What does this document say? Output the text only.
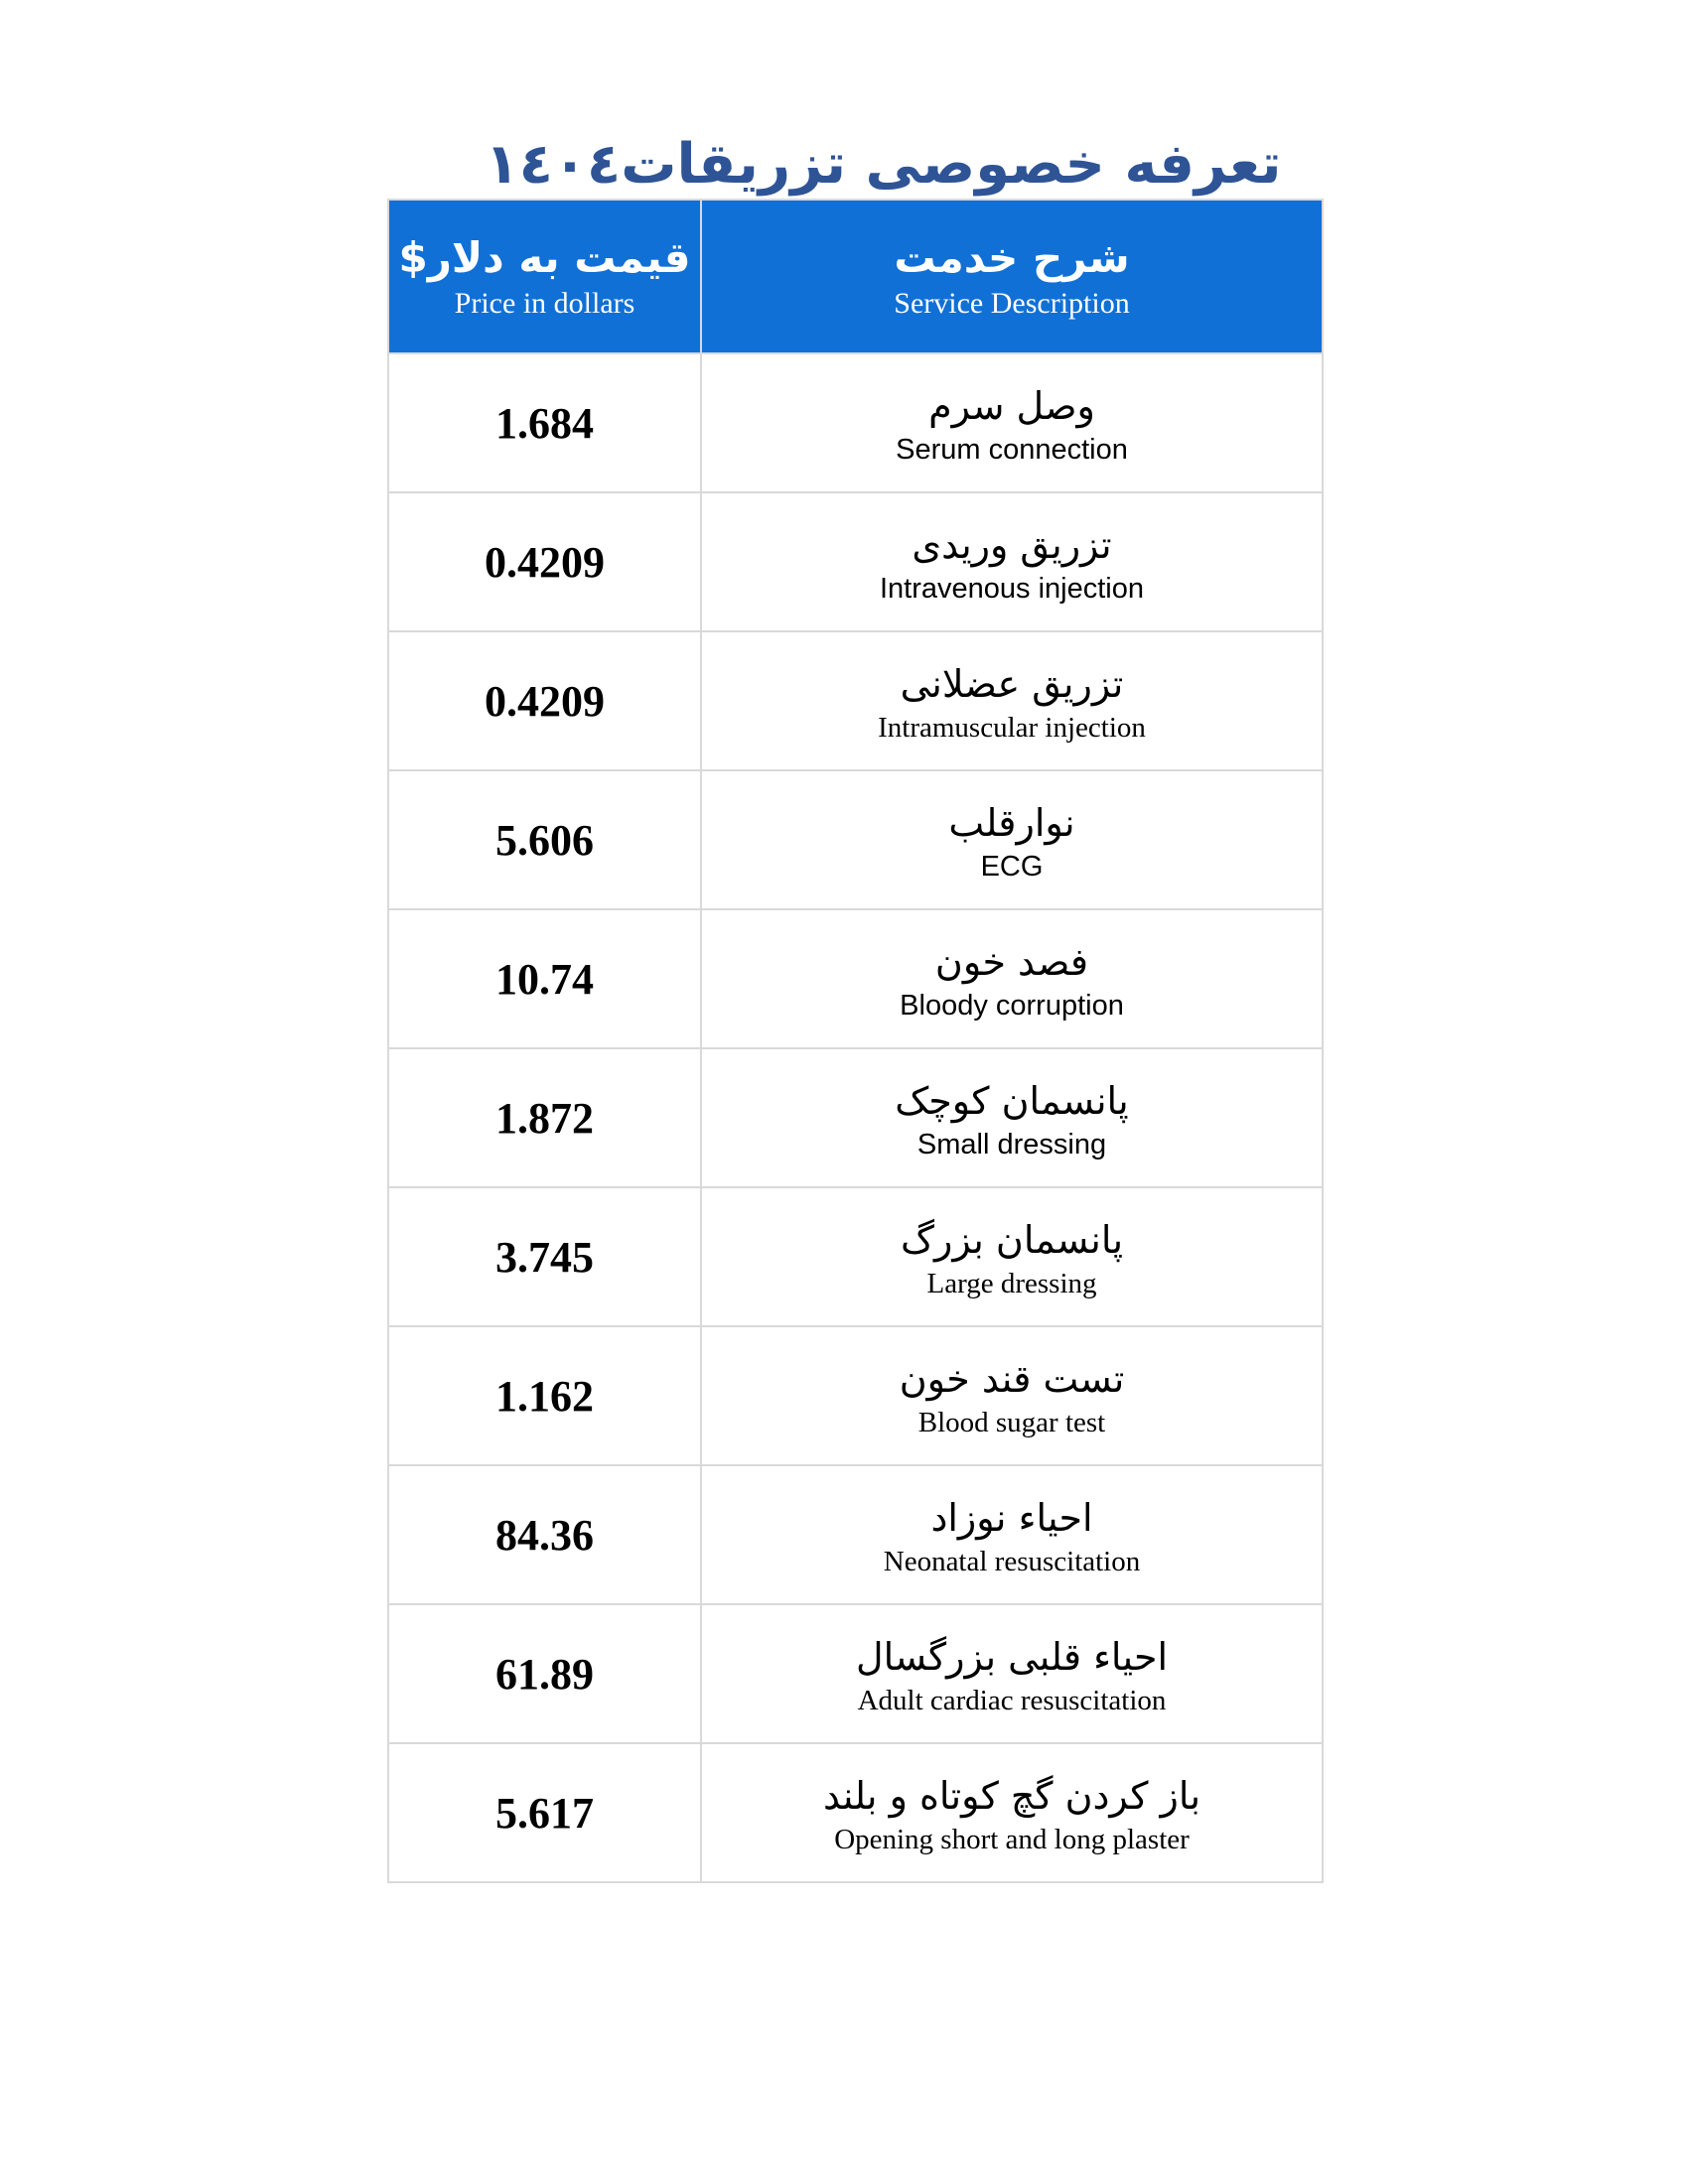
تعرفه خصوصی تزریقات١٤٠٤
قیمت به دلار$
Price in dollars
شرح خدمت
Service Description
1.684	وصل سرم
Serum connection
0.4209	تزریق وریدی
Intravenous injection
0.4209	تزریق عضلانی
Intramuscular injection
5.606	نوارقلب
ECG
10.74	فصد خون
Bloody corruption
1.872	پانسمان کوچک
Small dressing
3.745	پانسمان بزرگ
Large dressing
1.162	تست قند خون
Blood sugar test
84.36	احیاء نوزاد
Neonatal resuscitation
61.89	احیاء قلبی بزرگسال
Adult cardiac resuscitation
5.617	باز کردن گچ کوتاه و بلند
Opening short and long plaster
